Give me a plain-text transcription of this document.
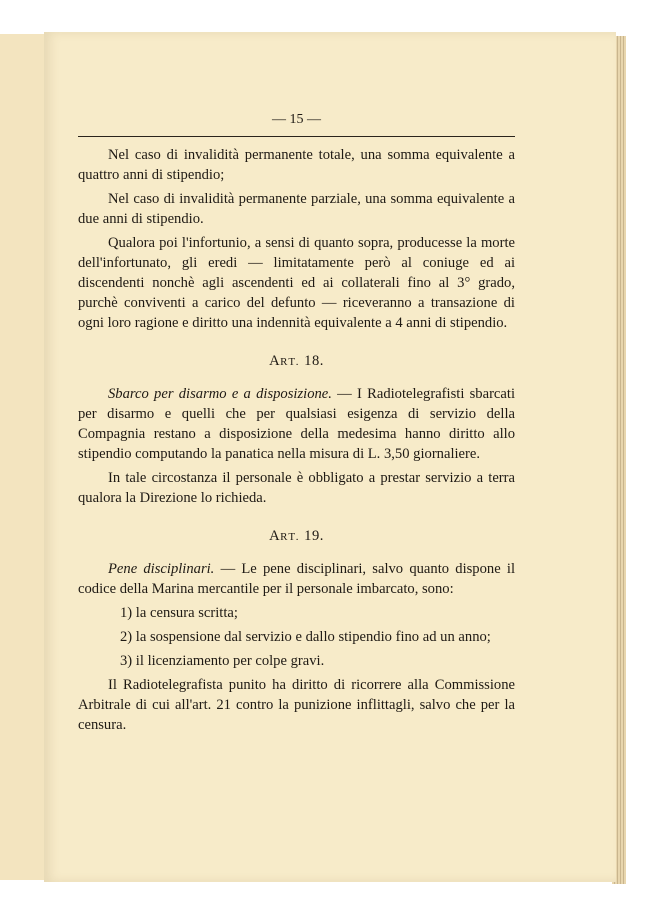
— 15 —

Nel caso di invalidità permanente totale, una somma equivalente a quattro anni di stipendio;

Nel caso di invalidità permanente parziale, una somma equivalente a due anni di stipendio.

Qualora poi l'infortunio, a sensi di quanto sopra, producesse la morte dell'infortunato, gli eredi — limitatamente però al coniuge ed ai discendenti nonchè agli ascendenti ed ai collaterali fino al 3° grado, purchè conviventi a carico del defunto — riceveranno a transazione di ogni loro ragione e diritto una indennità equivalente a 4 anni di stipendio.

ART. 18.

Sbarco per disarmo e a disposizione. — I Radiotelegrafisti sbarcati per disarmo e quelli che per qualsiasi esigenza di servizio della Compagnia restano a disposizione della medesima hanno diritto allo stipendio computando la panatica nella misura di L. 3,50 giornaliere.

In tale circostanza il personale è obbligato a prestar servizio a terra qualora la Direzione lo richieda.

ART. 19.

Pene disciplinari. — Le pene disciplinari, salvo quanto dispone il codice della Marina mercantile per il personale imbarcato, sono:

1) la censura scritta;

2) la sospensione dal servizio e dallo stipendio fino ad un anno;

3) il licenziamento per colpe gravi.

Il Radiotelegrafista punito ha diritto di ricorrere alla Commissione Arbitrale di cui all'art. 21 contro la punizione inflittagli, salvo che per la censura.
